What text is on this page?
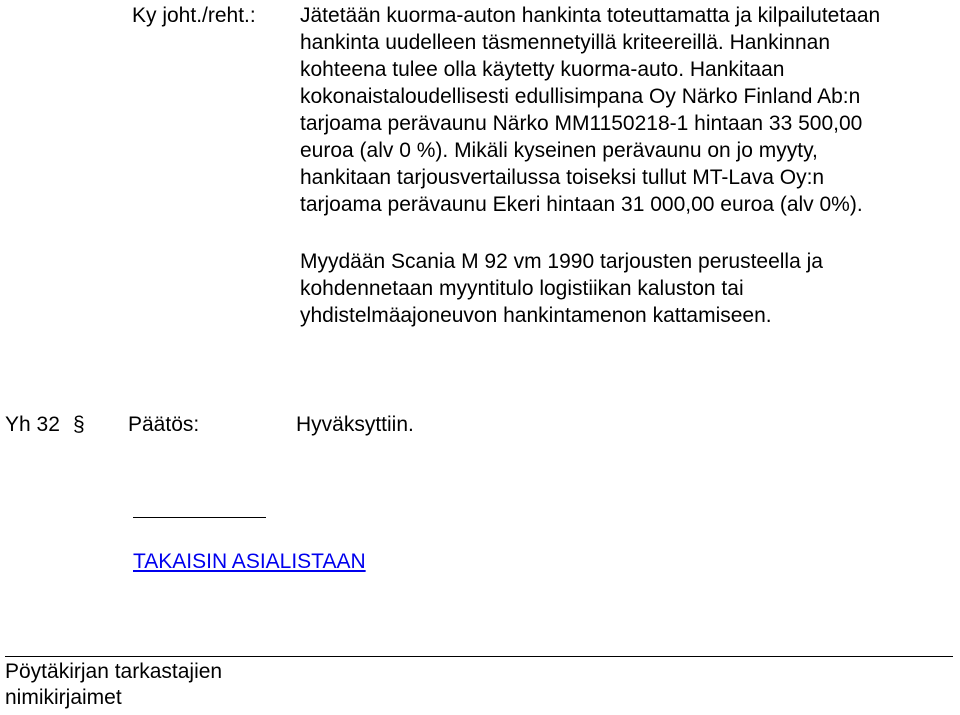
Ky joht./reht.: Jätetään kuorma-auton hankinta toteuttamatta ja kilpailutetaan
hankinta uudelleen täsmennetyillä kriteereillä. Hankinnan
kohteena tulee olla käytetty kuorma-auto. Hankitaan
kokonaistaloudellisesti edullisimpana Oy Närko Finland Ab:n
tarjoama perävaunu Närko MM1150218-1 hintaan 33 500,00
euroa (alv 0 %). Mikäli kyseinen perävaunu on jo myyty,
hankitaan tarjousvertailussa toiseksi tullut MT-Lava Oy:n
tarjoama perävaunu Ekeri hintaan 31 000,00 euroa (alv 0%).

Myydään Scania M 92 vm 1990 tarjousten perusteella ja
kohdennetaan myyntitulo logistiikan kaluston tai
yhdistelmäajoneuvon hankintamenon kattamiseen.

Yh 32 § Päätös:	Hyväksyttiin.
TAKAISIN ASIALISTAAN
Pöytäkirjan tarkastajien
nimikirjaimet
